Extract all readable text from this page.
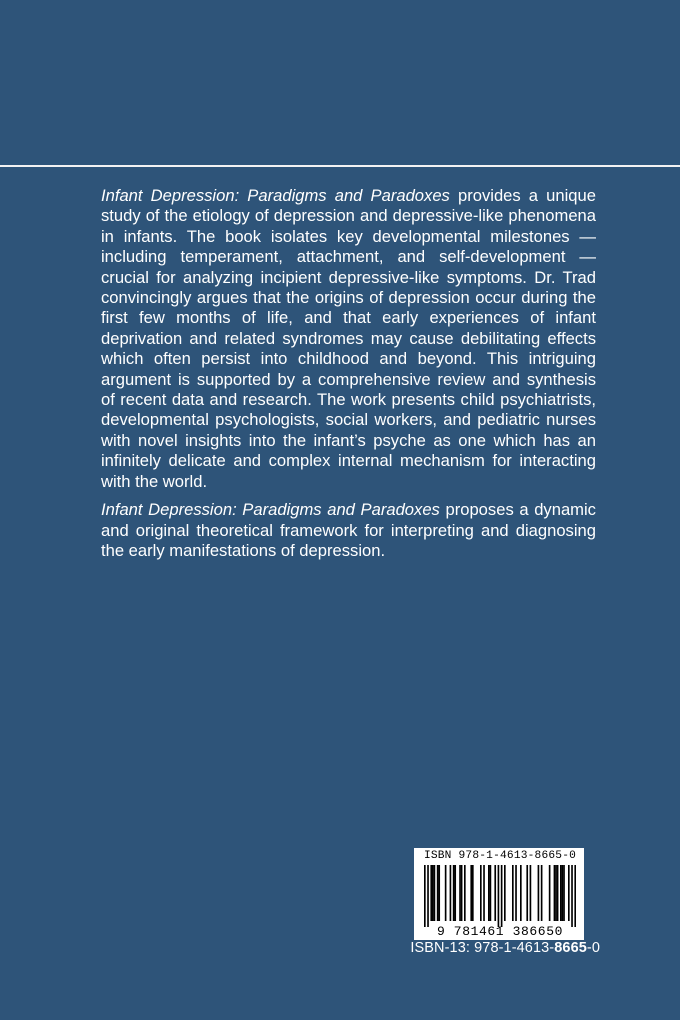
Infant Depression: Paradigms and Paradoxes provides a unique study of the etiology of depression and depressive-like phenomena in infants. The book isolates key developmental milestones — including temperament, attachment, and self-development — crucial for analyzing incipient depressive-like symptoms. Dr. Trad convincingly argues that the origins of depression occur during the first few months of life, and that early experiences of infant deprivation and related syndromes may cause debilitating effects which often persist into childhood and beyond. This intriguing argument is supported by a comprehensive review and synthesis of recent data and research. The work presents child psychiatrists, developmental psychologists, social workers, and pediatric nurses with novel insights into the infant’s psyche as one which has an infinitely delicate and complex internal mechanism for interacting with the world.

Infant Depression: Paradigms and Paradoxes proposes a dynamic and original theoretical framework for interpreting and diagnosing the early manifestations of depression.

ISBN 978-1-4613-8665-0
9 781461 386650
ISBN-13: 978-1-4613-8665-0
